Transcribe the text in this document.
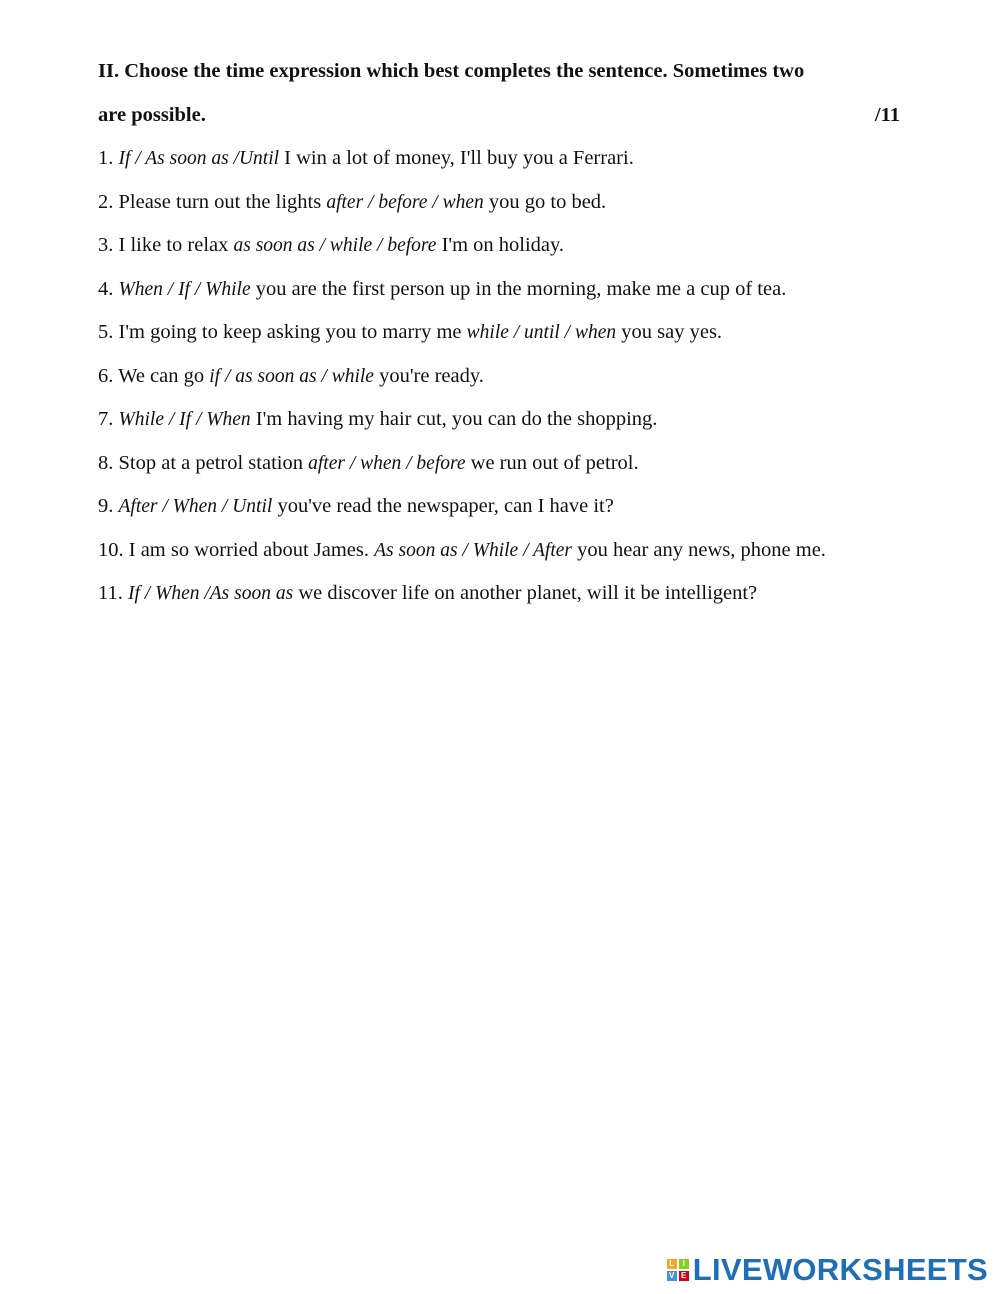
II. Choose the time expression which best completes the sentence. Sometimes two

are possible.	/11

1. If / As soon as /Until I win a lot of money, I'll buy you a Ferrari.

2. Please turn out the lights after / before / when you go to bed.

3. I like to relax as soon as / while / before I'm on holiday.

4. When / If / While you are the first person up in the morning, make me a cup of tea.

5. I'm going to keep asking you to marry me while / until / when you say yes.

6. We can go if / as soon as / while you're ready.

7. While / If / When I'm having my hair cut, you can do the shopping.

8. Stop at a petrol station after / when / before we run out of petrol.

9. After / When / Until you've read the newspaper, can I have it?

10. I am so worried about James. As soon as / While / After you hear any news, phone me.

11. If / When /As soon as we discover life on another planet, will it be intelligent?

L	I
V E LIVEWORKSHEETS
